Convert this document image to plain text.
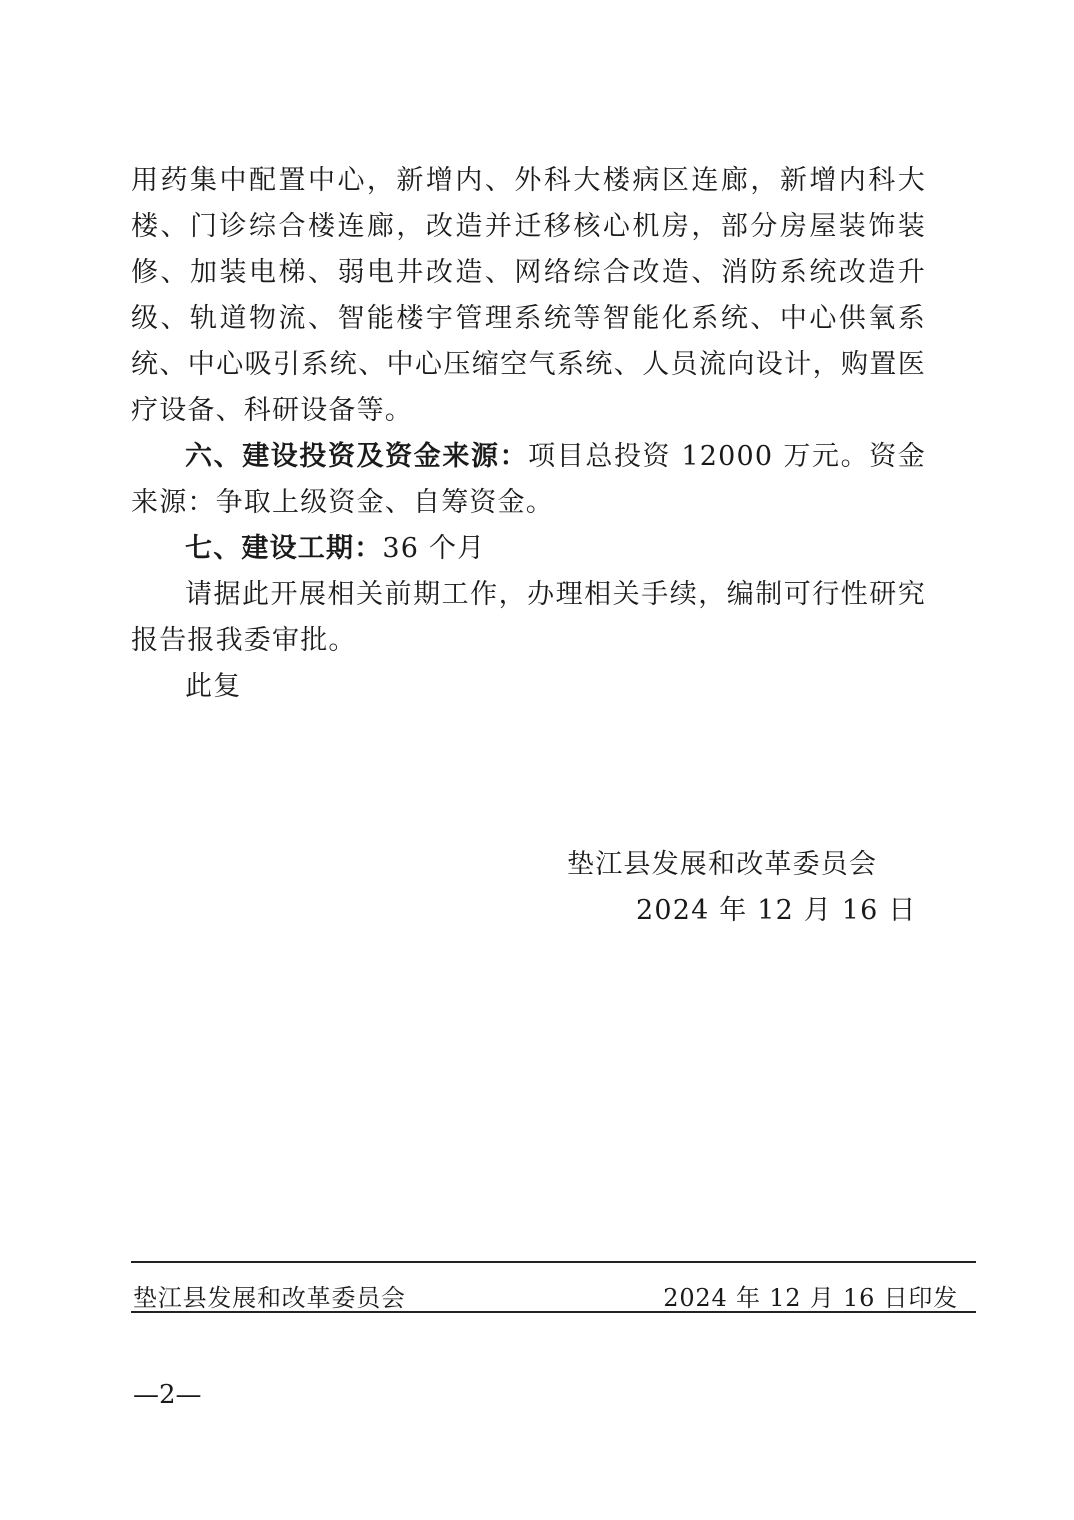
用药集中配置中心，新增内、外科大楼病区连廊，新增内科大楼、门诊综合楼连廊，改造并迁移核心机房，部分房屋装饰装修、加装电梯、弱电井改造、网络综合改造、消防系统改造升级、轨道物流、智能楼宇管理系统等智能化系统、中心供氧系统、中心吸引系统、中心压缩空气系统、人员流向设计，购置医疗设备、科研设备等。

六、建设投资及资金来源：项目总投资 12000 万元。资金来源：争取上级资金、自筹资金。

七、建设工期：36 个月

请据此开展相关前期工作，办理相关手续，编制可行性研究报告报我委审批。

此复

垫江县发展和改革委员会
2024 年 12 月 16 日
垫江县发展和改革委员会	2024 年 12 月 16 日印发
—2—
